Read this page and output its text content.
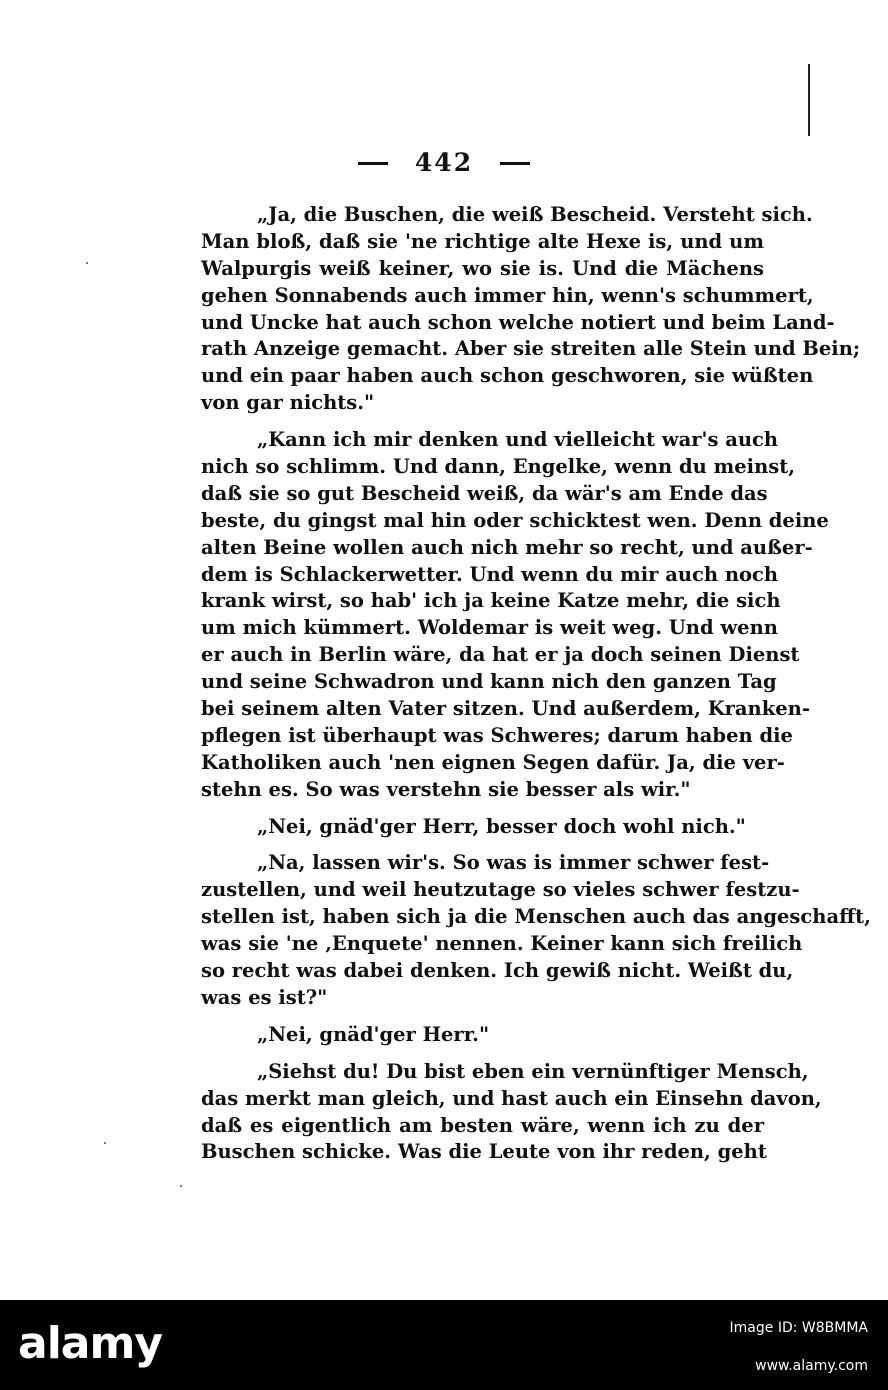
442
„Ja, die Buschen, die weiß Bescheid. Versteht sich.
Man bloß, daß sie 'ne richtige alte Hexe is, und um
Walpurgis weiß keiner, wo sie is. Und die Mächens
gehen Sonnabends auch immer hin, wenn's schummert,
und Uncke hat auch schon welche notiert und beim Land-
rath Anzeige gemacht. Aber sie streiten alle Stein und Bein;
und ein paar haben auch schon geschworen, sie wüßten
von gar nichts."
„Kann ich mir denken und vielleicht war's auch
nich so schlimm. Und dann, Engelke, wenn du meinst,
daß sie so gut Bescheid weiß, da wär's am Ende das
beste, du gingst mal hin oder schicktest wen. Denn deine
alten Beine wollen auch nich mehr so recht, und außer-
dem is Schlackerwetter. Und wenn du mir auch noch
krank wirst, so hab' ich ja keine Katze mehr, die sich
um mich kümmert. Woldemar is weit weg. Und wenn
er auch in Berlin wäre, da hat er ja doch seinen Dienst
und seine Schwadron und kann nich den ganzen Tag
bei seinem alten Vater sitzen. Und außerdem, Kranken-
pflegen ist überhaupt was Schweres; darum haben die
Katholiken auch 'nen eignen Segen dafür. Ja, die ver-
stehn es. So was verstehn sie besser als wir."
„Nei, gnäd'ger Herr, besser doch wohl nich."
„Na, lassen wir's. So was is immer schwer fest-
zustellen, und weil heutzutage so vieles schwer festzu-
stellen ist, haben sich ja die Menschen auch das angeschafft,
was sie 'ne ‚Enquete' nennen. Keiner kann sich freilich
so recht was dabei denken. Ich gewiß nicht. Weißt du,
was es ist?"
„Nei, gnäd'ger Herr."
„Siehst du! Du bist eben ein vernünftiger Mensch,
das merkt man gleich, und hast auch ein Einsehn davon,
daß es eigentlich am besten wäre, wenn ich zu der
Buschen schicke. Was die Leute von ihr reden, geht
alamy	Image ID: W8BMMA
www.alamy.com
